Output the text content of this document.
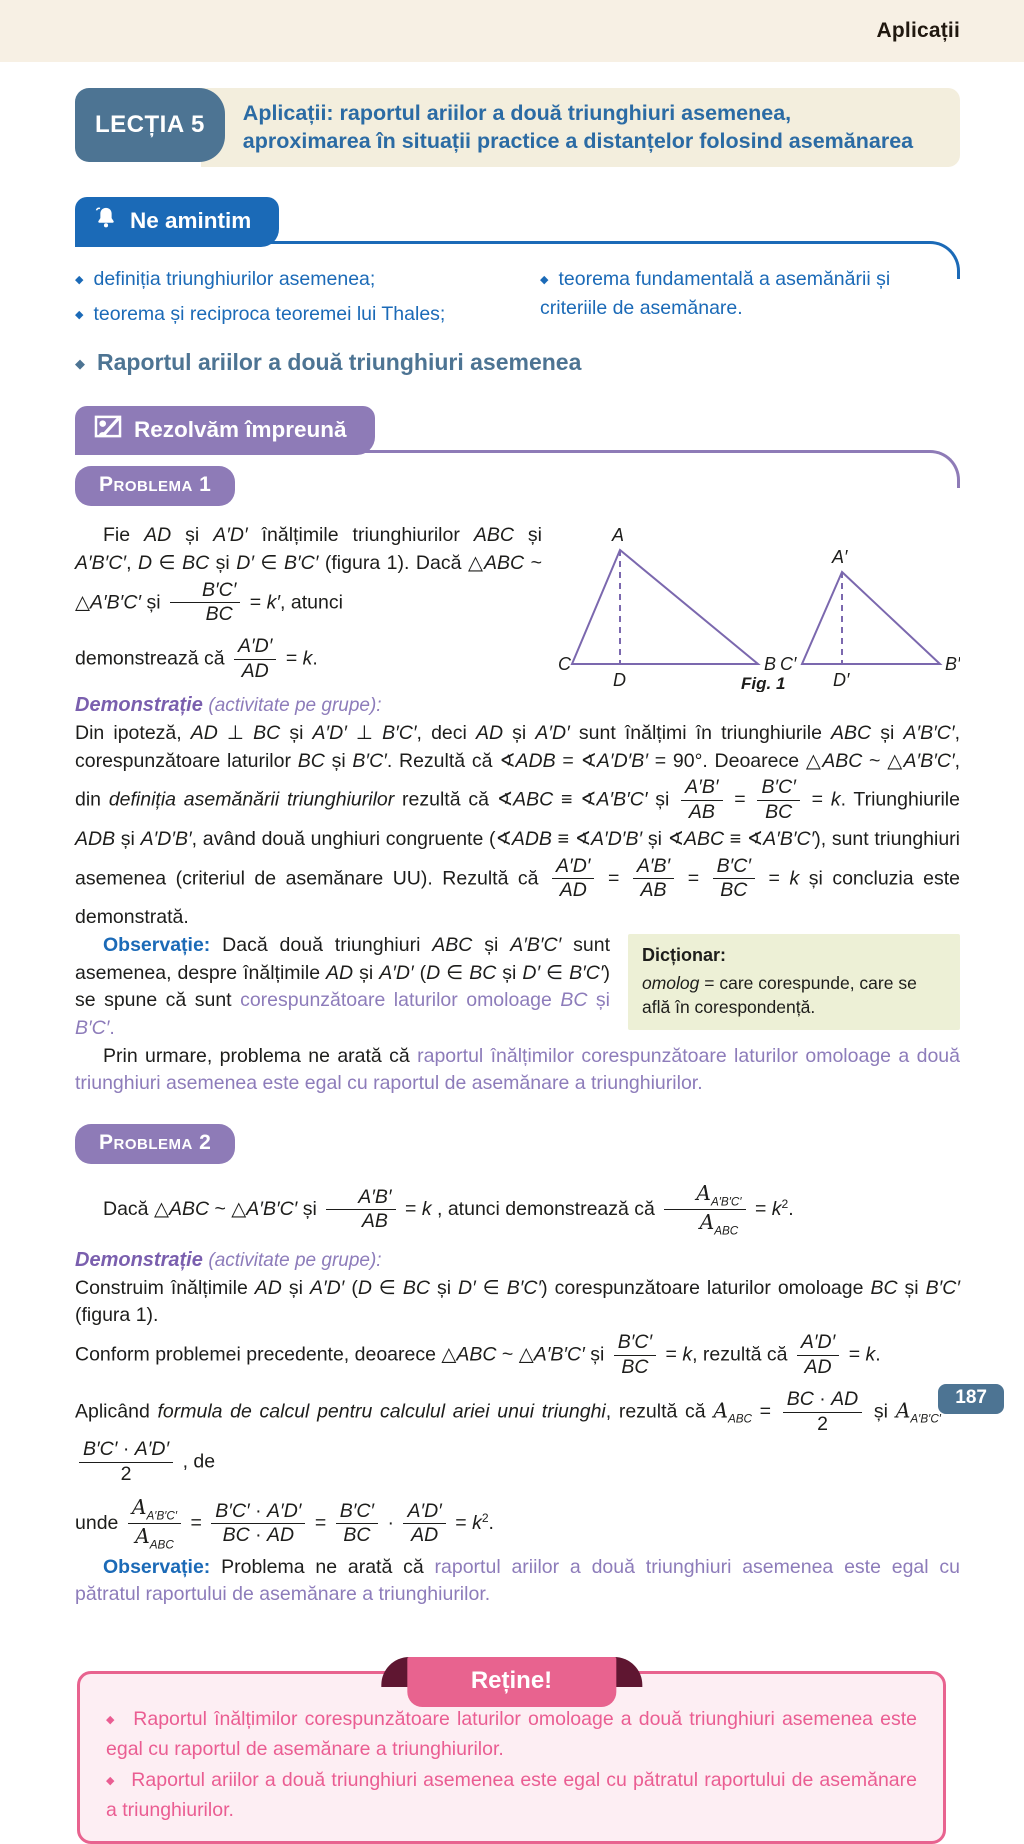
Aplicații
LECȚIA 5	Aplicații: raportul ariilor a două triunghiuri asemenea,
aproximarea în situații practice a distanțelor folosind asemănarea
Ne amintim
◆ definiția triunghiurilor asemenea;
◆ teorema și reciproca teoremei lui Thales;
◆ teorema fundamentală a asemănării și criteriile de asemănare.
◆ Raportul ariilor a două triunghiuri asemenea
Rezolvăm împreună
Problema 1
A
B
C
D
A′
B′
C′
D′
Fig. 1

Fie AD și A′D′ înălțimile triunghiurilor ABC și A′B′C′, D ∈ BC și D′ ∈ B′C′ (figura 1). Dacă △ABC ~ △A′B′C′ și $\frac{B'C'}{BC} = k'$, atunci

demonstrează că $\frac{A'D'}{AD} = k$.

Demonstrație (activitate pe grupe):

Din ipoteză, AD ⊥ BC și A′D′ ⊥ B′C′, deci AD și A′D′ sunt înălțimi în triunghiurile ABC și A′B′C′, corespunzătoare laturilor BC și B′C′. Rezultă că ∢ADB = ∢A′D′B′ = 90°. Deoarece △ABC ~ △A′B′C′, din definiția asemănării triunghiurilor rezultă că ∢ABC ≡ ∢A′B′C′ și $\frac{A'B'}{AB} = \frac{B'C'}{BC} = k$. Triunghiurile ADB și A′D′B′, având două unghiuri congruente (∢ADB ≡ ∢A′D′B′ și ∢ABC ≡ ∢A′B′C′), sunt triunghiuri asemenea (criteriul de asemănare UU). Rezultă că $\frac{A'D'}{AD} = \frac{A'B'}{AB} = \frac{B'C'}{BC} = k$ și concluzia este demonstrată.

Dicționar:
omolog = care corespunde, care se află în corespondență.

Observație: Dacă două triunghiuri ABC și A′B′C′ sunt asemenea, despre înălțimile AD și A′D′ (D ∈ BC și D′ ∈ B′C′) se spune că sunt corespunzătoare laturilor omoloage BC și B′C′.

Prin urmare, problema ne arată că raportul înălțimilor corespunzătoare laturilor omoloage a două triunghiuri asemenea este egal cu raportul de asemănare a triunghiurilor.

Problema 2

Dacă △ABC ~ △A′B′C′ și $\frac{A'B'}{AB} = k$ , atunci demonstrează că $\frac{A_{A'B'C'}}{A_{ABC}} = k^2$.

Demonstrație (activitate pe grupe):

Construim înălțimile AD și A′D′ (D ∈ BC și D′ ∈ B′C′) corespunzătoare laturilor omoloage BC și B′C′ (figura 1).

Conform problemei precedente, deoarece △ABC ~ △A′B′C′ și $\frac{B'C'}{BC} = k$, rezultă că $\frac{A'D'}{AD} = k$.

Aplicând formula de calcul pentru calculul ariei unui triunghi, rezultă că $A_{ABC} = \frac{BC \cdot AD}{2}$ și $A_{A'B'C'}$
$\frac{B'C' \cdot A'D'}{2}$ , de

unde $\frac{A_{A'B'C'}}{A_{ABC}} = \frac{B'C' \cdot A'D'}{BC \cdot AD} = \frac{B'C'}{BC} \cdot \frac{A'D'}{AD} = k^2$.

Observație: Problema ne arată că raportul ariilor a două triunghiuri asemenea este egal cu pătratul raportului de asemănare a triunghiurilor.

Reține!

◆ Raportul înălțimilor corespunzătoare laturilor omoloage a două triunghiuri asemenea este egal cu raportul de asemănare a triunghiurilor.

◆ Raportul ariilor a două triunghiuri asemenea este egal cu pătratul raportului de asemănare a triunghiurilor.

187
